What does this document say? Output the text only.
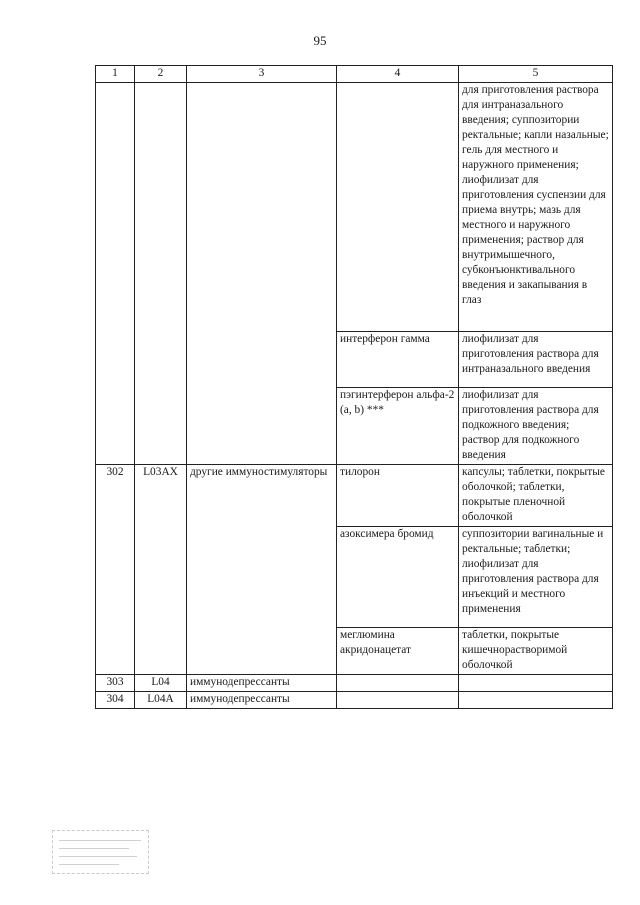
95
1	2	3	4	5
				для приготовления раствора для интраназального введения; суппозитории ректальные; капли назальные; гель для местного и наружного применения; лиофилизат для приготовления суспензии для приема внутрь; мазь для местного и наружного применения; раствор для внутримышечного, субконъюнктивального введения и закапывания в глаз
			интерферон гамма	лиофилизат для приготовления раствора для интраназального введения
			пэгинтерферон альфа-2 (a, b) ***	лиофилизат для приготовления раствора для подкожного введения; раствор для подкожного введения
302	L03AX	другие иммуностимуляторы	тилорон	капсулы; таблетки, покрытые оболочкой; таблетки, покрытые пленочной оболочкой
			азоксимера бромид	суппозитории вагинальные и ректальные; таблетки; лиофилизат для приготовления раствора для инъекций и местного применения
			меглюмина акридонацетат	таблетки, покрытые кишечнорастворимой оболочкой
303	L04	иммунодепрессанты		
304	L04A	иммунодепрессанты		
